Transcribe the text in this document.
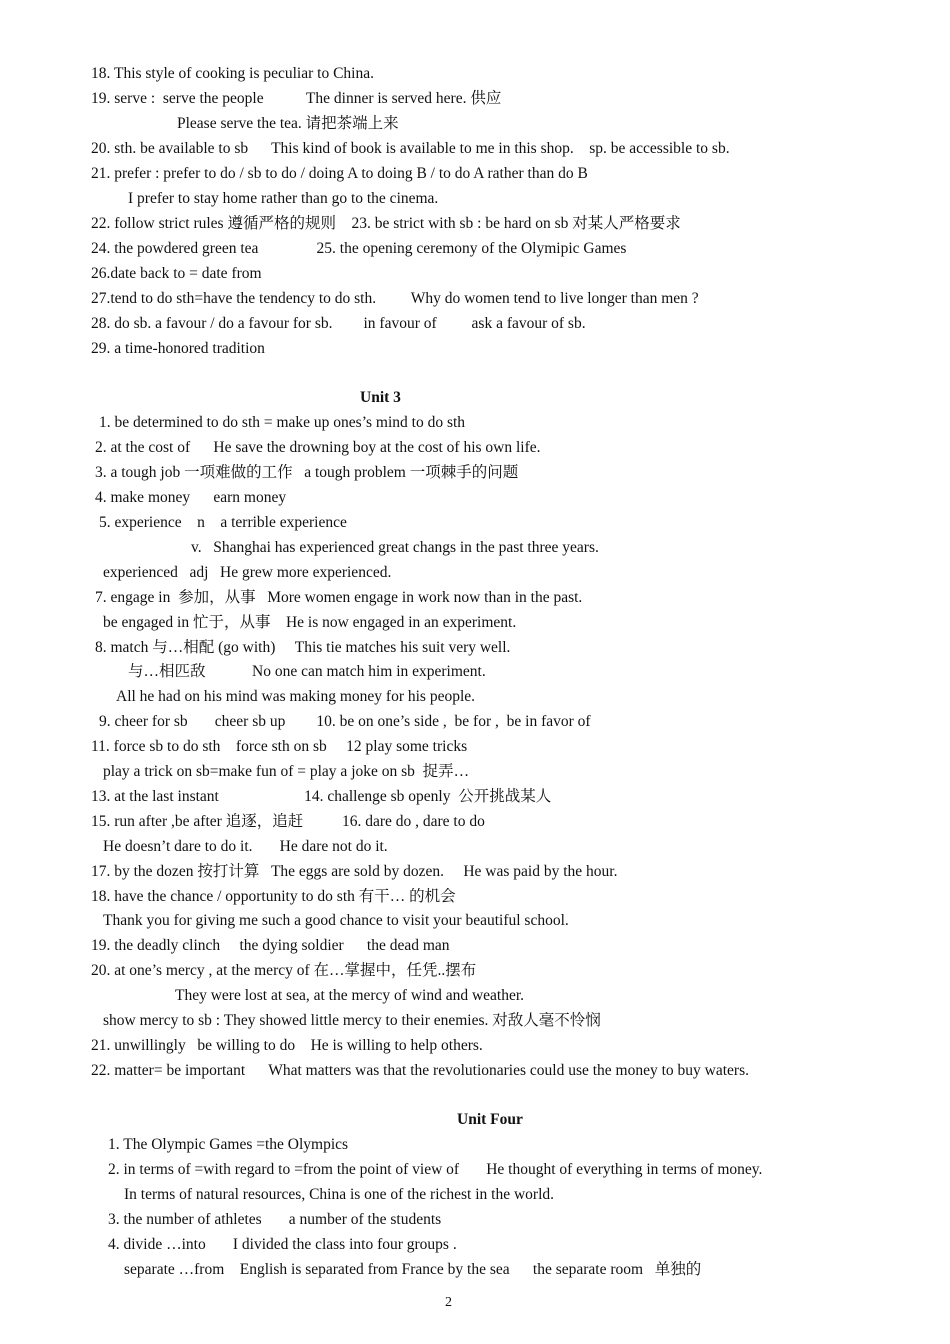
18. This style of cooking is peculiar to China.
19. serve :  serve the people           The dinner is served here. 供应
Please serve the tea. 请把茶端上来
20. sth. be available to sb      This kind of book is available to me in this shop.    sp. be accessible to sb.
21. prefer : prefer to do / sb to do / doing A to doing B / to do A rather than do B
I prefer to stay home rather than go to the cinema.
22. follow strict rules 遵循严格的规则    23. be strict with sb : be hard on sb 对某人严格要求
24. the powdered green tea               25. the opening ceremony of the Olymipic Games
26.date back to = date from
27.tend to do sth=have the tendency to do sth.         Why do women tend to live longer than men ?
28. do sb. a favour / do a favour for sb.        in favour of         ask a favour of sb.
29. a time-honored tradition
Unit 3
1. be determined to do sth = make up ones’s mind to do sth
2. at the cost of      He save the drowning boy at the cost of his own life.
3. a tough job 一项难做的工作   a tough problem 一项棘手的问题
4. make money      earn money
5. experience    n    a terrible experience
v.   Shanghai has experienced great changs in the past three years.
experienced   adj   He grew more experienced.
7. engage in  参加，从事   More women engage in work now than in the past.
be engaged in 忙于，从事    He is now engaged in an experiment.
8. match 与…相配 (go with)     This tie matches his suit very well.
与…相匹敌            No one can match him in experiment.
All he had on his mind was making money for his people.
9. cheer for sb       cheer sb up        10. be on one’s side ,  be for ,  be in favor of
11. force sb to do sth    force sth on sb     12 play some tricks
play a trick on sb=make fun of = play a joke on sb  捉弄…
13. at the last instant                      14. challenge sb openly  公开挑战某人
15. run after ,be after 追逐，追赶          16. dare do , dare to do
He doesn’t dare to do it.       He dare not do it.
17. by the dozen 按打计算   The eggs are sold by dozen.     He was paid by the hour.
18. have the chance / opportunity to do sth 有干… 的机会
Thank you for giving me such a good chance to visit your beautiful school.
19. the deadly clinch     the dying soldier      the dead man
20. at one’s mercy , at the mercy of 在…掌握中，任凭..摆布
They were lost at sea, at the mercy of wind and weather.
show mercy to sb : They showed little mercy to their enemies. 对敌人毫不怜悯
21. unwillingly   be willing to do    He is willing to help others.
22. matter= be important      What matters was that the revolutionaries could use the money to buy waters.
Unit Four
1. The Olympic Games =the Olympics
2. in terms of =with regard to =from the point of view of       He thought of everything in terms of money.
In terms of natural resources, China is one of the richest in the world.
3. the number of athletes       a number of the students
4. divide …into       I divided the class into four groups .
separate …from    English is separated from France by the sea      the separate room   单独的
2
